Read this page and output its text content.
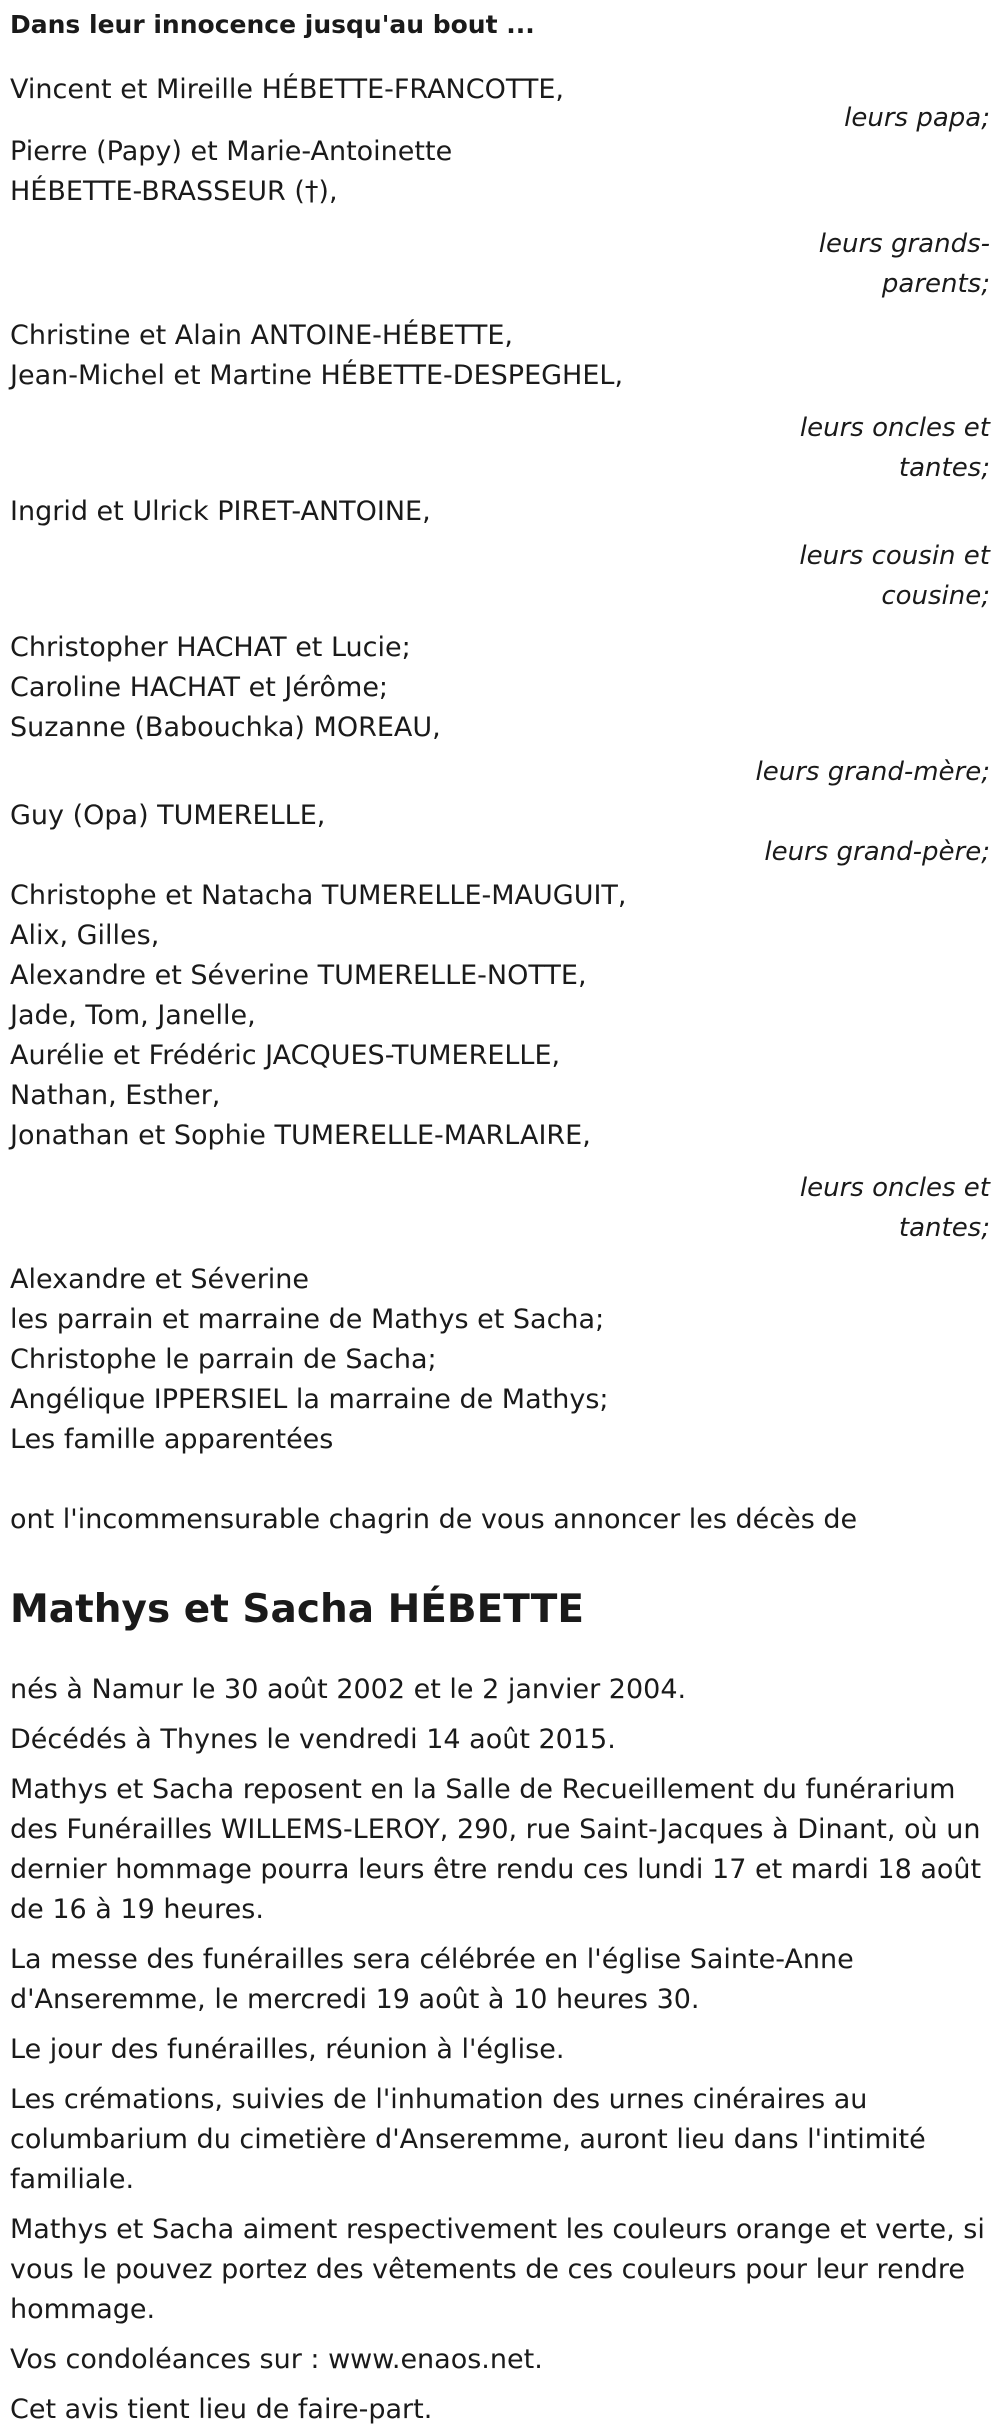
Dans leur innocence jusqu'au bout ...
Vincent et Mireille HÉBETTE-FRANCOTTE,
leurs papa;
Pierre (Papy) et Marie-Antoinette
HÉBETTE-BRASSEUR (†),
leurs grands-
parents;
Christine et Alain ANTOINE-HÉBETTE,
Jean-Michel et Martine HÉBETTE-DESPEGHEL,
leurs oncles et
tantes;
Ingrid et Ulrick PIRET-ANTOINE,
leurs cousin et
cousine;
Christopher HACHAT et Lucie;
Caroline HACHAT et Jérôme;
Suzanne (Babouchka) MOREAU,
leurs grand-mère;
Guy (Opa) TUMERELLE,
leurs grand-père;
Christophe et Natacha TUMERELLE-MAUGUIT,
Alix, Gilles,
Alexandre et Séverine TUMERELLE-NOTTE,
Jade, Tom, Janelle,
Aurélie et Frédéric JACQUES-TUMERELLE,
Nathan, Esther,
Jonathan et Sophie TUMERELLE-MARLAIRE,
leurs oncles et
tantes;
Alexandre et Séverine
les parrain et marraine de Mathys et Sacha;
Christophe le parrain de Sacha;
Angélique IPPERSIEL la marraine de Mathys;
Les famille apparentées
ont l'incommensurable chagrin de vous annoncer les décès de
Mathys et Sacha HÉBETTE
nés à Namur le 30 août 2002 et le 2 janvier 2004.
Décédés à Thynes le vendredi 14 août 2015.
Mathys et Sacha reposent en la Salle de Recueillement du funérarium des Funérailles WILLEMS-LEROY, 290, rue Saint-Jacques à Dinant, où un dernier hommage pourra leurs être rendu ces lundi 17 et mardi 18 août de 16 à 19 heures.
La messe des funérailles sera célébrée en l'église Sainte-Anne d'Anseremme, le mercredi 19 août à 10 heures 30.
Le jour des funérailles, réunion à l'église.
Les crémations, suivies de l'inhumation des urnes cinéraires au columbarium du cimetière d'Anseremme, auront lieu dans l'intimité familiale.
Mathys et Sacha aiment respectivement les couleurs orange et verte, si vous le pouvez portez des vêtements de ces couleurs pour leur rendre hommage.
Vos condoléances sur : www.enaos.net.
Cet avis tient lieu de faire-part.
